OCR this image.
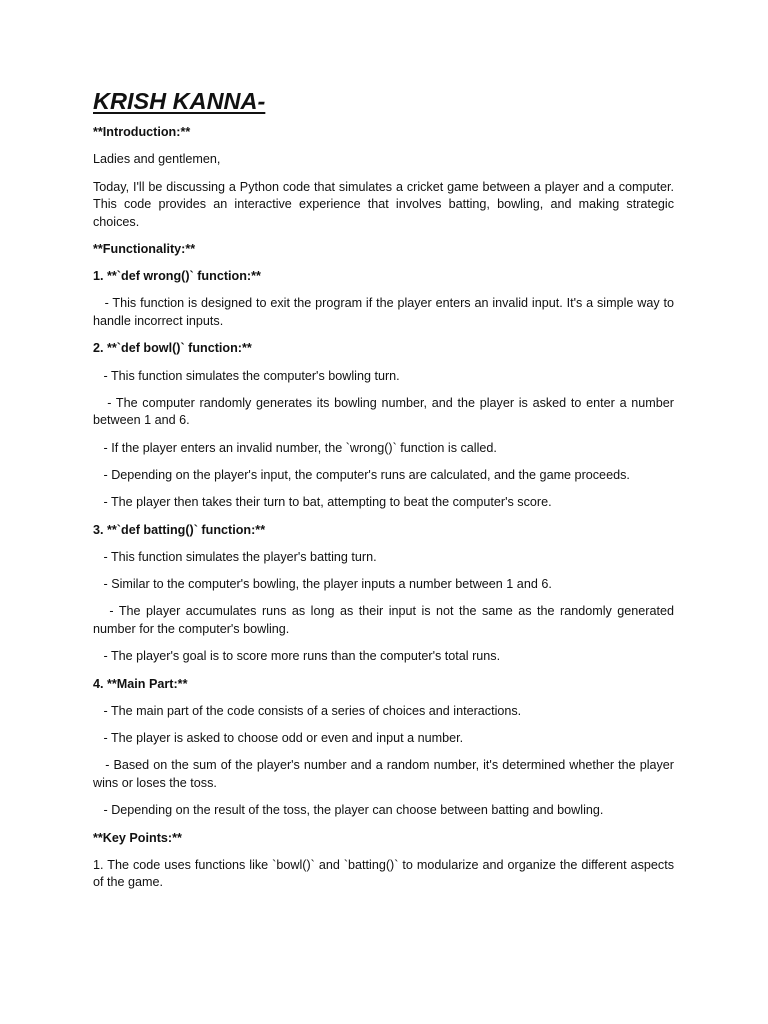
KRISH KANNA-

**Introduction:**

Ladies and gentlemen,

Today, I'll be discussing a Python code that simulates a cricket game between a player and a computer. This code provides an interactive experience that involves batting, bowling, and making strategic choices.

**Functionality:**

1. **`def wrong()` function:**

- This function is designed to exit the program if the player enters an invalid input. It's a simple way to handle incorrect inputs.

2. **`def bowl()` function:**

- This function simulates the computer's bowling turn.

- The computer randomly generates its bowling number, and the player is asked to enter a number between 1 and 6.

- If the player enters an invalid number, the `wrong()` function is called.

- Depending on the player's input, the computer's runs are calculated, and the game proceeds.

- The player then takes their turn to bat, attempting to beat the computer's score.

3. **`def batting()` function:**

- This function simulates the player's batting turn.

- Similar to the computer's bowling, the player inputs a number between 1 and 6.

- The player accumulates runs as long as their input is not the same as the randomly generated number for the computer's bowling.

- The player's goal is to score more runs than the computer's total runs.

4. **Main Part:**

- The main part of the code consists of a series of choices and interactions.

- The player is asked to choose odd or even and input a number.

- Based on the sum of the player's number and a random number, it's determined whether the player wins or loses the toss.

- Depending on the result of the toss, the player can choose between batting and bowling.

**Key Points:**

1. The code uses functions like `bowl()` and `batting()` to modularize and organize the different aspects of the game.
